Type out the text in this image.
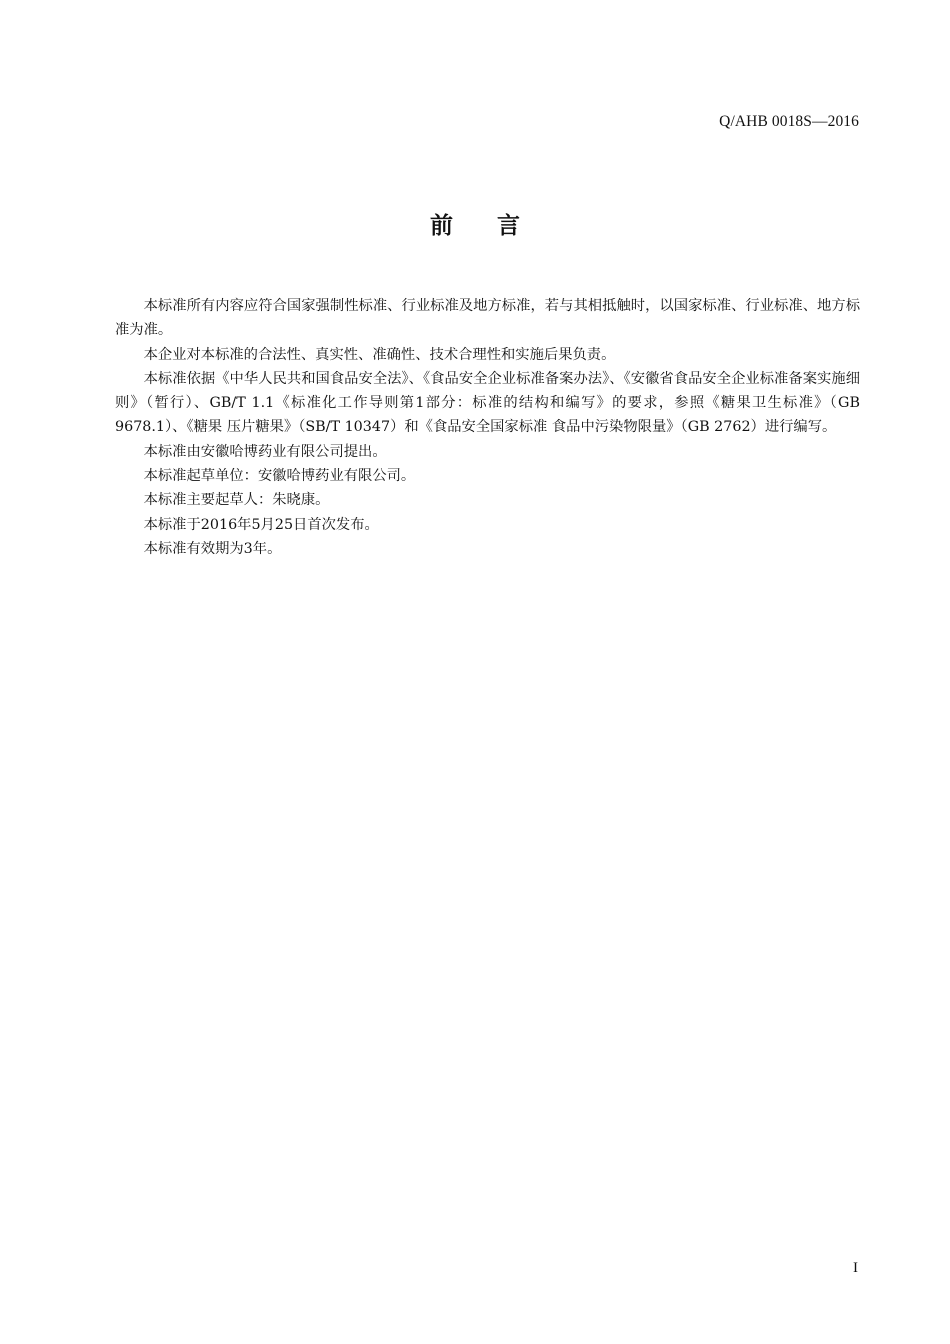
Q/AHB 0018S—2016
前言

本标准所有内容应符合国家强制性标准、行业标准及地方标准，若与其相抵触时，以国家标准、行业标准、地方标准为准。

本企业对本标准的合法性、真实性、准确性、技术合理性和实施后果负责。

本标准依据《中华人民共和国食品安全法》、《食品安全企业标准备案办法》、《安徽省食品安全企业标准备案实施细则》（暂行）、GB/T 1.1《标准化工作导则第1部分：标准的结构和编写》的要求，参照《糖果卫生标准》（GB 9678.1）、《糖果 压片糖果》（SB/T 10347）和《食品安全国家标准 食品中污染物限量》（GB 2762）进行编写。

本标准由安徽哈博药业有限公司提出。

本标准起草单位：安徽哈博药业有限公司。

本标准主要起草人：朱晓康。

本标准于2016年5月25日首次发布。

本标准有效期为3年。

I
